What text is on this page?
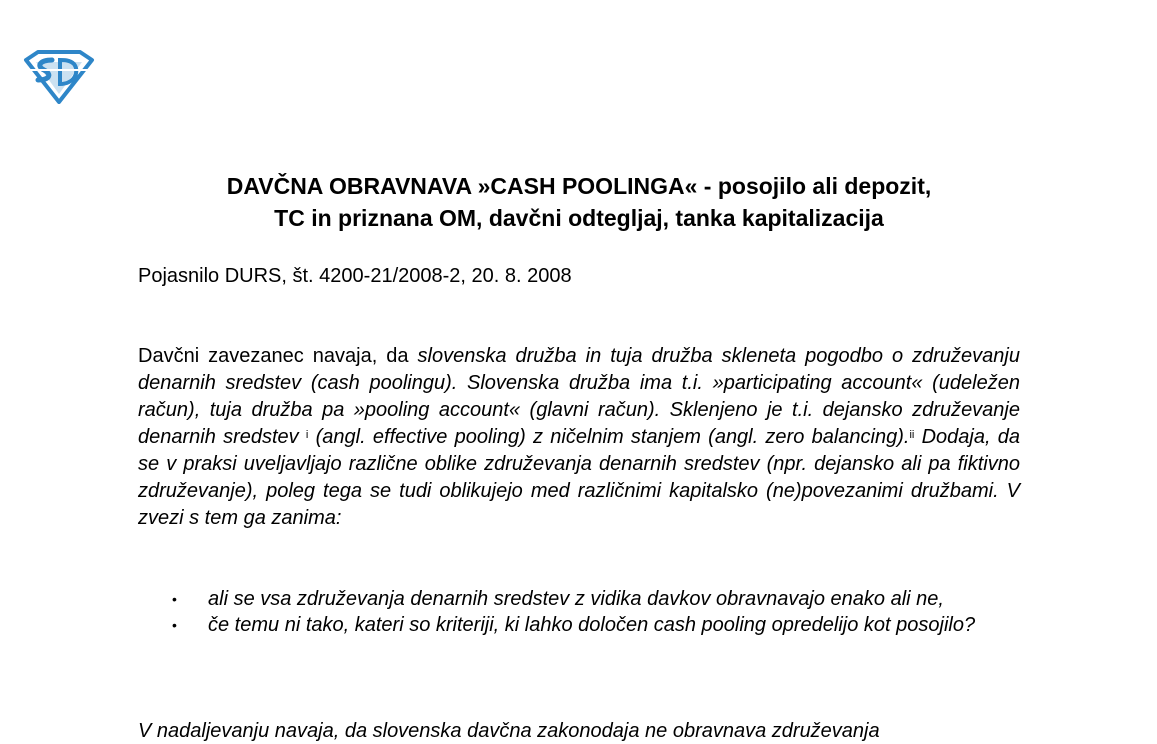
DAVČNA OBRAVNAVA »CASH POOLINGA« - posojilo ali depozit,
TC in priznana OM, davčni odtegljaj, tanka kapitalizacija
Pojasnilo DURS, št. 4200-21/2008-2, 20. 8. 2008

Davčni zavezanec navaja, da slovenska družba in tuja družba skleneta pogodbo o združevanju denarnih sredstev (cash poolingu). Slovenska družba ima t.i. »participating account« (udeležen račun), tuja družba pa »pooling account« (glavni račun). Sklenjeno je t.i. dejansko združevanje denarnih sredstev $^i$ (angl. effective pooling) z ničelnim stanjem (angl. zero balancing).$^{ii}$ Dodaja, da se v praksi uveljavljajo različne oblike združevanja denarnih sredstev (npr. dejansko ali pa fiktivno združevanje), poleg tega se tudi oblikujejo med različnimi kapitalsko (ne)povezanimi družbami. V zvezi s tem ga zanima:

• ali se vsa združevanja denarnih sredstev z vidika davkov obravnavajo enako ali ne,
• če temu ni tako, kateri so kriteriji, ki lahko določen cash pooling opredelijo kot posojilo?
V nadaljevanju navaja, da slovenska davčna zakonodaja ne obravnava združevanja
